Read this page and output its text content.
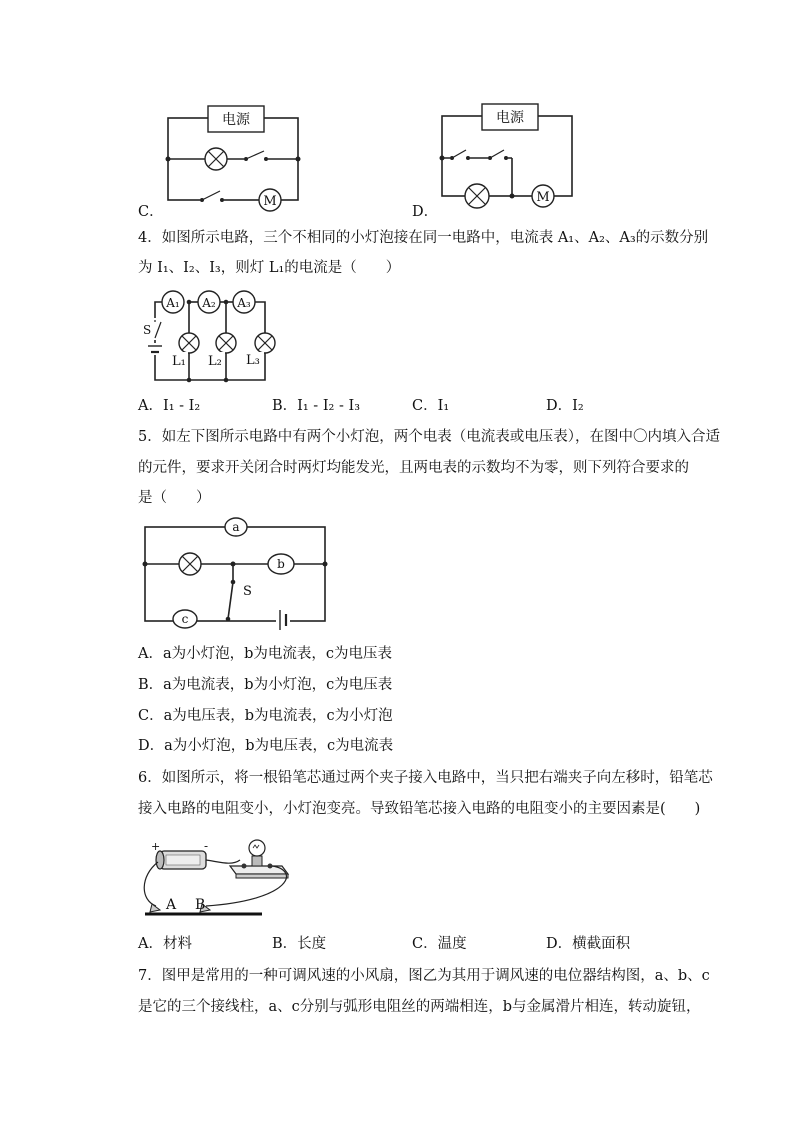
电源
M
C．
电源
M
D．
4．如图所示电路，三个不相同的小灯泡接在同一电路中，电流表 A₁、A₂、A₃的示数分别
为 I₁、I₂、I₃，则灯 L₁的电流是（　　）
A₁ A₂ A₃
S
L₁ L₂ L₃
A．I₁ - I₂	B．I₁ - I₂ - I₃	C．I₁	D．I₂
5．如左下图所示电路中有两个小灯泡，两个电表（电流表或电压表），在图中〇内填入合适
的元件，要求开关闭合时两灯均能发光，且两电表的示数均不为零，则下列符合要求的
是（　　）
S
a
b
c
A．a为小灯泡，b为电流表，c为电压表
B．a为电流表，b为小灯泡，c为电压表
C．a为电压表，b为电流表，c为小灯泡
D．a为小灯泡，b为电压表，c为电流表
6．如图所示，将一根铅笔芯通过两个夹子接入电路中，当只把右端夹子向左移时，铅笔芯
接入电路的电阻变小，小灯泡变亮。导致铅笔芯接入电路的电阻变小的主要因素是(　　)
+	-
A B
A．材料	B．长度	C．温度	D．横截面积
7．图甲是常用的一种可调风速的小风扇，图乙为其用于调风速的电位器结构图，a、b、c
是它的三个接线柱，a、c分别与弧形电阻丝的两端相连，b与金属滑片相连，转动旋钮，
